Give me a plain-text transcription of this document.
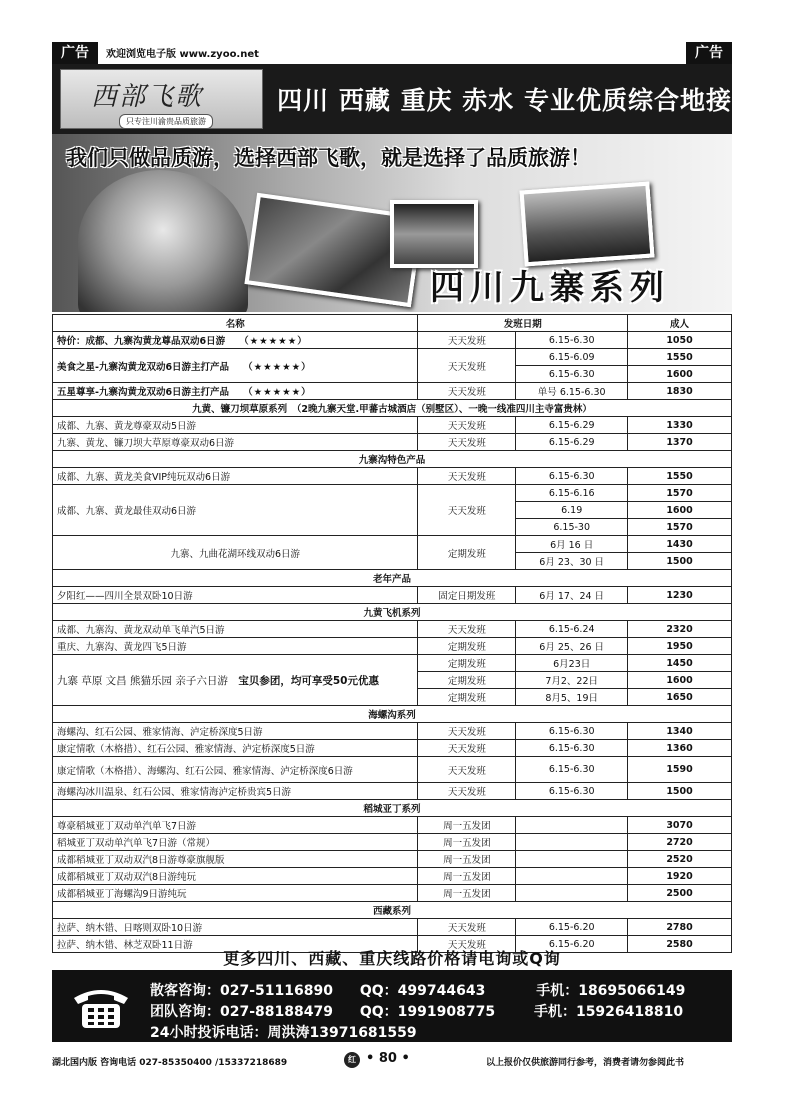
广告	欢迎浏览电子版 www.zyoo.net	广告
西部飞歌
只专注川渝贵品质旅游
四川 西藏 重庆 赤水 专业优质综合地接
我们只做品质游，选择西部飞歌，就是选择了品质旅游！
四川九寨系列
名称	发班日期		成人
特价：成都、九寨沟黄龙尊品双动6日游 （★★★★★）	天天发班	6.15-6.30	1050
美食之星-九寨沟黄龙双动6日游主打产品 （★★★★★）	天天发班	6.15-6.09	1550
		6.15-6.30	1600
五星尊享-九寨沟黄龙双动6日游主打产品 （★★★★★）	天天发班	单号 6.15-6.30	1830
九黄、镰刀坝草原系列　（2晚九寨天堂.甲蕃古城酒店（别墅区）、一晚一线准四川主寺富贵林）			
成都、九寨、黄龙尊豪双动5日游	天天发班	6.15-6.29	1330
九寨、黄龙、镰刀坝大草原尊豪双动6日游	天天发班	6.15-6.29	1370
九寨沟特色产品			
成都、九寨、黄龙美食VIP纯玩双动6日游	天天发班	6.15-6.30	1550
成都、九寨、黄龙最佳双动6日游	天天发班	6.15-6.16	1570
		6.19	1600
		6.15-30	1570
九寨、九曲花湖环线双动6日游	定期发班	6月 16 日	1430
		6月 23、30 日	1500
老年产品			
夕阳红——四川全景双卧10日游	固定日期发班	6月 17、24 日	1230
九黄飞机系列			
成都、九寨沟、黄龙双动单飞单汽5日游	天天发班	6.15-6.24	2320
重庆、九寨沟、黄龙四飞5日游	定期发班	6月 25、26 日	1950
九寨 草原 文昌 熊猫乐园 亲子六日游　 宝贝参团，均可享受50元优惠	定期发班	6月23日	1450
	定期发班	7月2、22日	1600
	定期发班	8月5、19日	1650
海螺沟系列			
海螺沟、红石公园、雅家情海、泸定桥深度5日游	天天发班	6.15-6.30	1340
康定情歌（木格措）、红石公园、雅家情海、泸定桥深度5日游	天天发班	6.15-6.30	1360
康定情歌（木格措）、海螺沟、红石公园、雅家情海、泸定桥深度6日游	天天发班	6.15-6.30	1590
海螺沟冰川温泉、红石公园、雅家情海泸定桥贵宾5日游	天天发班	6.15-6.30	1500
稻城亚丁系列			
尊豪稻城亚丁双动单汽单飞7日游	周一五发团		3070
稻城亚丁双动单汽单飞7日游（常规）	周一五发团		2720
成都稻城亚丁双动双汽8日游尊豪旗舰版	周一五发团		2520
成都稻城亚丁双动双汽8日游纯玩	周一五发团		1920
成都稻城亚丁海螺沟9日游纯玩	周一五发团		2500
西藏系列			
拉萨、纳木错、日喀则双卧10日游	天天发班	6.15-6.20	2780
拉萨、纳木错、林芝双卧11日游	天天发班	6.15-6.20	2580
更多四川、西藏、重庆线路价格请电询或Q询
散客咨询：027-51116890 QQ：499744643	手机：18695066149
团队咨询：027-88188479 QQ：1991908775	手机：15926418810
24小时投诉电话：周洪涛13971681559
湖北国内版 咨询电话 027-85350400 /15337218689	红 • 80 •	以上报价仅供旅游同行参考，消费者请勿参阅此书
